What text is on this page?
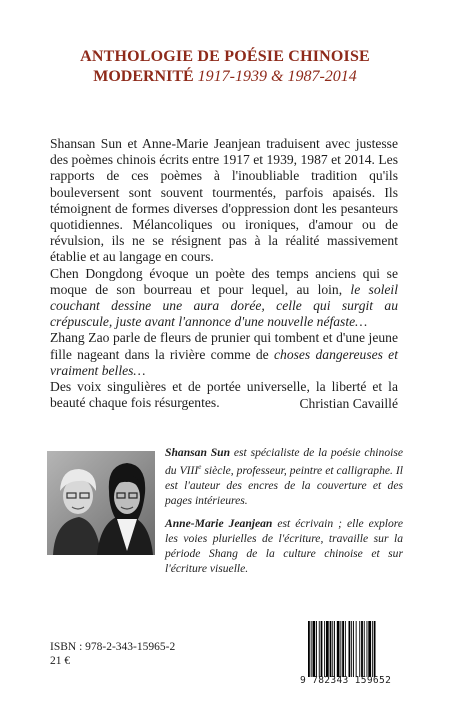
ANTHOLOGIE DE POÉSIE CHINOISE
MODERNITÉ 1917-1939 & 1987-2014

Shansan Sun et Anne-Marie Jeanjean traduisent avec justesse des poèmes chinois écrits entre 1917 et 1939, 1987 et 2014. Les rapports de ces poèmes à l'inoubliable tradition qu'ils bouleversent sont souvent tourmentés, parfois apaisés. Ils témoignent de formes diverses d'oppression dont les pesanteurs quotidiennes. Mélancoliques ou ironiques, d'amour ou de révulsion, ils ne se résignent pas à la réalité massivement établie et au langage en cours.

Chen Dongdong évoque un poète des temps anciens qui se moque de son bourreau et pour lequel, au loin, le soleil couchant dessine une aura dorée, celle qui surgit au crépuscule, juste avant l'annonce d'une nouvelle néfaste…

Zhang Zao parle de fleurs de prunier qui tombent et d'une jeune fille nageant dans la rivière comme de choses dangereuses et vraiment belles…

Des voix singulières et de portée universelle, la liberté et la beauté chaque fois résurgentes.	Christian Cavaillé

Shansan Sun est spécialiste de la poésie chinoise du VIIIe siècle, professeur, peintre et calligraphe. Il est l'auteur des encres de la couverture et des pages intérieures.

Anne-Marie Jeanjean est écrivain ; elle explore les voies plurielles de l'écriture, travaille sur la période Shang de la culture chinoise et sur l'écriture visuelle.

ISBN : 978-2-343-15965-2
21 €
9 782343 159652
